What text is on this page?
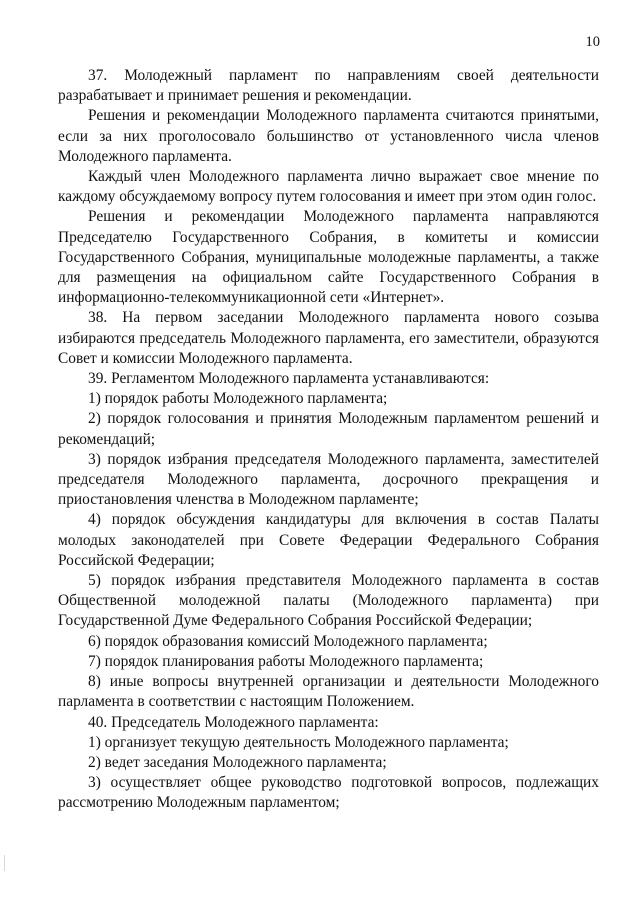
10

37. Молодежный парламент по направлениям своей деятельности разрабатывает и принимает решения и рекомендации.

Решения и рекомендации Молодежного парламента считаются принятыми, если за них проголосовало большинство от установленного числа членов Молодежного парламента.

Каждый член Молодежного парламента лично выражает свое мнение по каждому обсуждаемому вопросу путем голосования и имеет при этом один голос.

Решения и рекомендации Молодежного парламента направляются Председателю Государственного Собрания, в комитеты и комиссии Государственного Собрания, муниципальные молодежные парламенты, а также для размещения на официальном сайте Государственного Собрания в информационно-телекоммуникационной сети «Интернет».

38. На первом заседании Молодежного парламента нового созыва избираются председатель Молодежного парламента, его заместители, образуются Совет и комиссии Молодежного парламента.

39. Регламентом Молодежного парламента устанавливаются:

1) порядок работы Молодежного парламента;

2) порядок голосования и принятия Молодежным парламентом решений и рекомендаций;

3) порядок избрания председателя Молодежного парламента, заместителей председателя Молодежного парламента, досрочного прекращения и приостановления членства в Молодежном парламенте;

4) порядок обсуждения кандидатуры для включения в состав Палаты молодых законодателей при Совете Федерации Федерального Собрания Российской Федерации;

5) порядок избрания представителя Молодежного парламента в состав Общественной молодежной палаты (Молодежного парламента) при Государственной Думе Федерального Собрания Российской Федерации;

6) порядок образования комиссий Молодежного парламента;

7) порядок планирования работы Молодежного парламента;

8) иные вопросы внутренней организации и деятельности Молодежного парламента в соответствии с настоящим Положением.

40. Председатель Молодежного парламента:

1) организует текущую деятельность Молодежного парламента;

2) ведет заседания Молодежного парламента;

3) осуществляет общее руководство подготовкой вопросов, подлежащих рассмотрению Молодежным парламентом;
